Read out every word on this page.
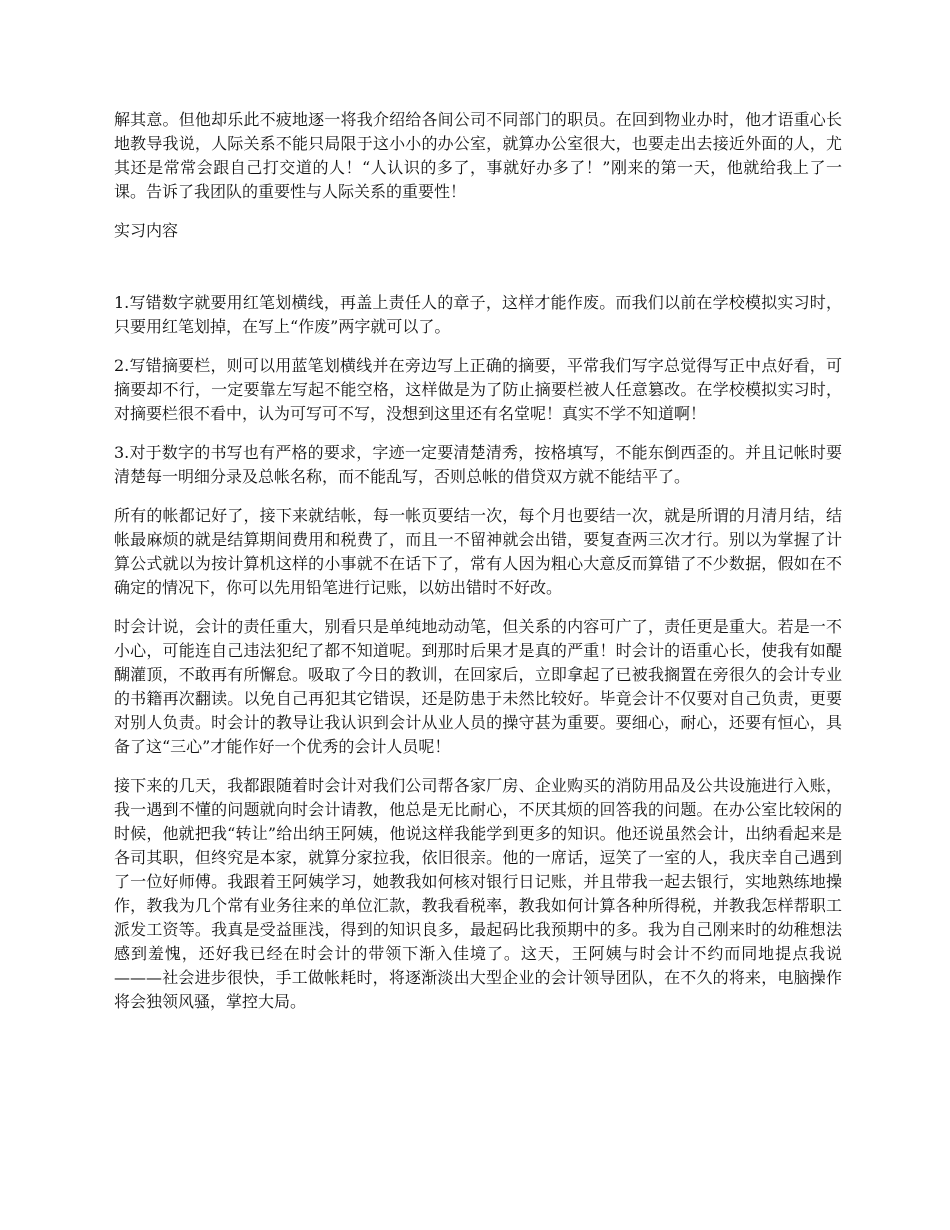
解其意。但他却乐此不疲地逐一将我介绍给各间公司不同部门的职员。在回到物业办时，他才语重心长地教导我说，人际关系不能只局限于这小小的办公室，就算办公室很大，也要走出去接近外面的人，尤其还是常常会跟自己打交道的人！“人认识的多了，事就好办多了！”刚来的第一天，他就给我上了一课。告诉了我团队的重要性与人际关系的重要性！

实习内容

1.写错数字就要用红笔划横线，再盖上责任人的章子，这样才能作废。而我们以前在学校模拟实习时，只要用红笔划掉，在写上“作废”两字就可以了。

2.写错摘要栏，则可以用蓝笔划横线并在旁边写上正确的摘要，平常我们写字总觉得写正中点好看，可摘要却不行，一定要靠左写起不能空格，这样做是为了防止摘要栏被人任意篡改。在学校模拟实习时，对摘要栏很不看中，认为可写可不写，没想到这里还有名堂呢！真实不学不知道啊！

3.对于数字的书写也有严格的要求，字迹一定要清楚清秀，按格填写，不能东倒西歪的。并且记帐时要清楚每一明细分录及总帐名称，而不能乱写，否则总帐的借贷双方就不能结平了。

所有的帐都记好了，接下来就结帐，每一帐页要结一次，每个月也要结一次，就是所谓的月清月结，结帐最麻烦的就是结算期间费用和税费了，而且一不留神就会出错，要复查两三次才行。别以为掌握了计算公式就以为按计算机这样的小事就不在话下了，常有人因为粗心大意反而算错了不少数据，假如在不确定的情况下，你可以先用铅笔进行记账，以妨出错时不好改。

时会计说，会计的责任重大，别看只是单纯地动动笔，但关系的内容可广了，责任更是重大。若是一不小心，可能连自己违法犯纪了都不知道呢。到那时后果才是真的严重！时会计的语重心长，使我有如醍醐灌顶，不敢再有所懈怠。吸取了今日的教训，在回家后，立即拿起了已被我搁置在旁很久的会计专业的书籍再次翻读。以免自己再犯其它错误，还是防患于未然比较好。毕竟会计不仅要对自己负责，更要对别人负责。时会计的教导让我认识到会计从业人员的操守甚为重要。要细心，耐心，还要有恒心，具备了这“三心”才能作好一个优秀的会计人员呢！

接下来的几天，我都跟随着时会计对我们公司帮各家厂房、企业购买的消防用品及公共设施进行入账，我一遇到不懂的问题就向时会计请教，他总是无比耐心，不厌其烦的回答我的问题。在办公室比较闲的时候，他就把我“转让”给出纳王阿姨，他说这样我能学到更多的知识。他还说虽然会计，出纳看起来是各司其职，但终究是本家，就算分家拉我，依旧很亲。他的一席话，逗笑了一室的人，我庆幸自己遇到了一位好师傅。我跟着王阿姨学习，她教我如何核对银行日记账，并且带我一起去银行，实地熟练地操作，教我为几个常有业务往来的单位汇款，教我看税率，教我如何计算各种所得税，并教我怎样帮职工派发工资等。我真是受益匪浅，得到的知识良多，最起码比我预期中的多。我为自己刚来时的幼稚想法感到羞愧，还好我已经在时会计的带领下渐入佳境了。这天，王阿姨与时会计不约而同地提点我说———社会进步很快，手工做帐耗时，将逐渐淡出大型企业的会计领导团队，在不久的将来，电脑操作将会独领风骚，掌控大局。
